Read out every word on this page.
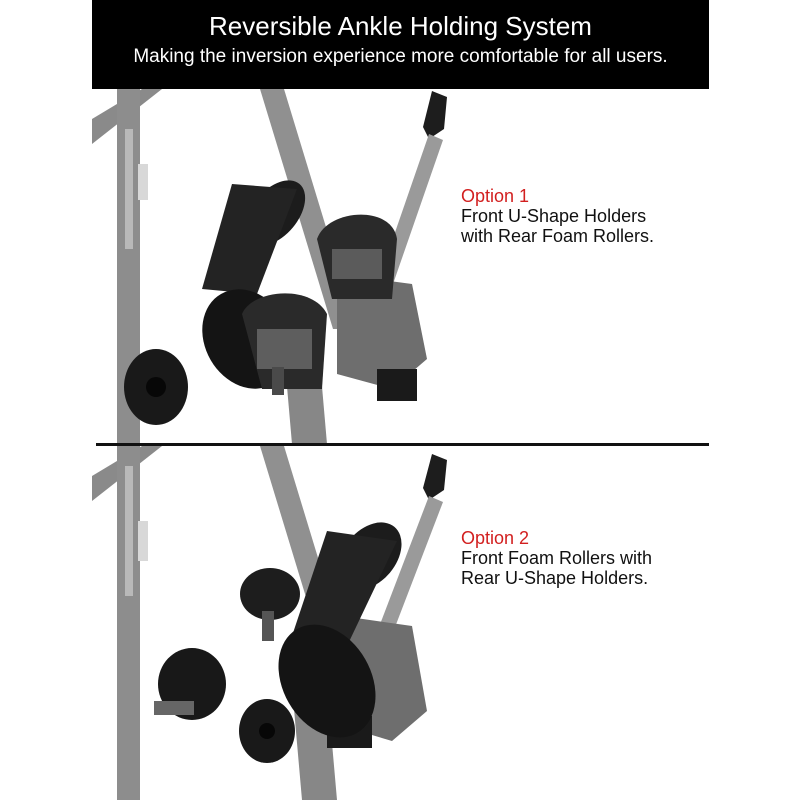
Reversible Ankle Holding System
Making the inversion experience more comfortable for all users.
Option 1
Front U-Shape Holders
with Rear Foam Rollers.
Option 2
Front Foam Rollers with
Rear U-Shape Holders.
